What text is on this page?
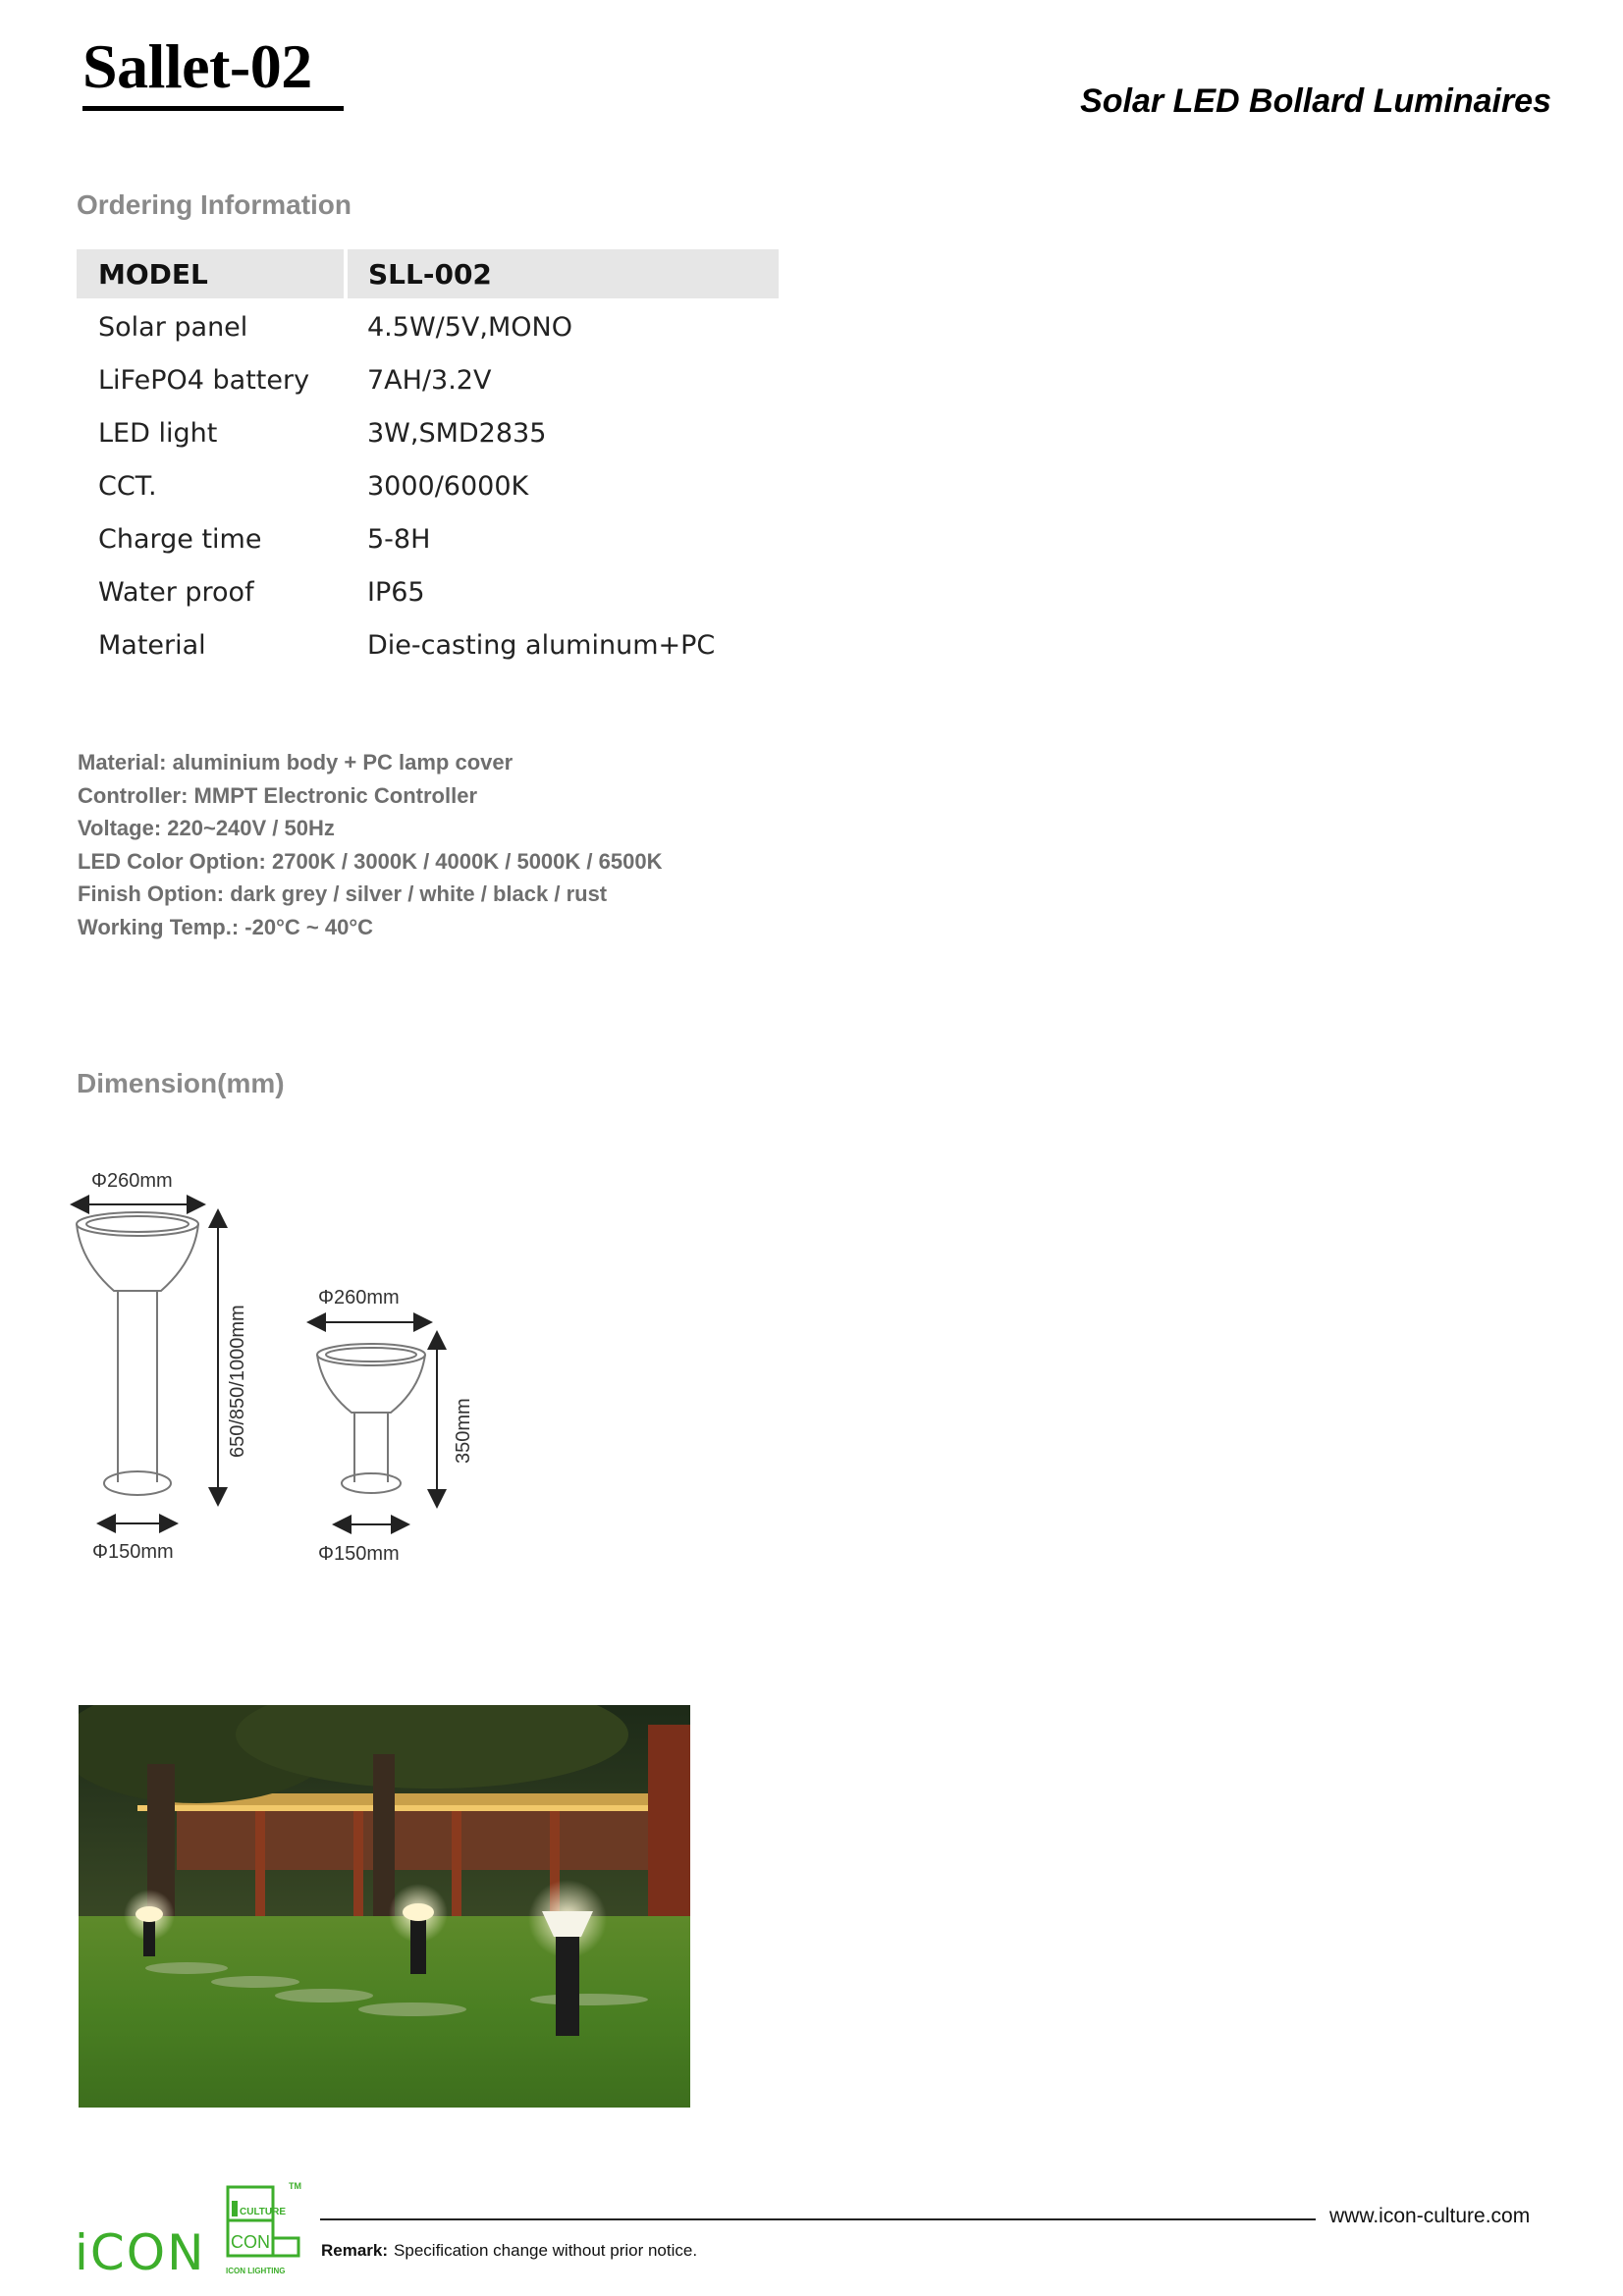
Sallet-02	Solar LED Bollard Luminaires
Ordering Information
MODEL	SLL-002
Solar panel	4.5W/5V,MONO
LiFePO4 battery 7AH/3.2V
LED light	3W,SMD2835
CCT.	3000/6000K
Charge time	5-8H
Water proof	IP65
Material	Die-casting aluminum+PC
Material: aluminium body + PC lamp cover
Controller: MMPT Electronic Controller
Voltage: 220~240V / 50Hz
LED Color Option: 2700K / 3000K / 4000K / 5000K / 6500K
Finish Option: dark grey / silver / white / black / rust
Working Temp.: -20°C ~ 40°C
Dimension(mm)
Φ260mm
650/850/1000mm
Φ150mm
Φ260mm
350mm
Φ150mm
iCON
CULTURE
CON
ICON LIGHTING
TM
www.icon-culture.com
Remark: Specification change without prior notice.
